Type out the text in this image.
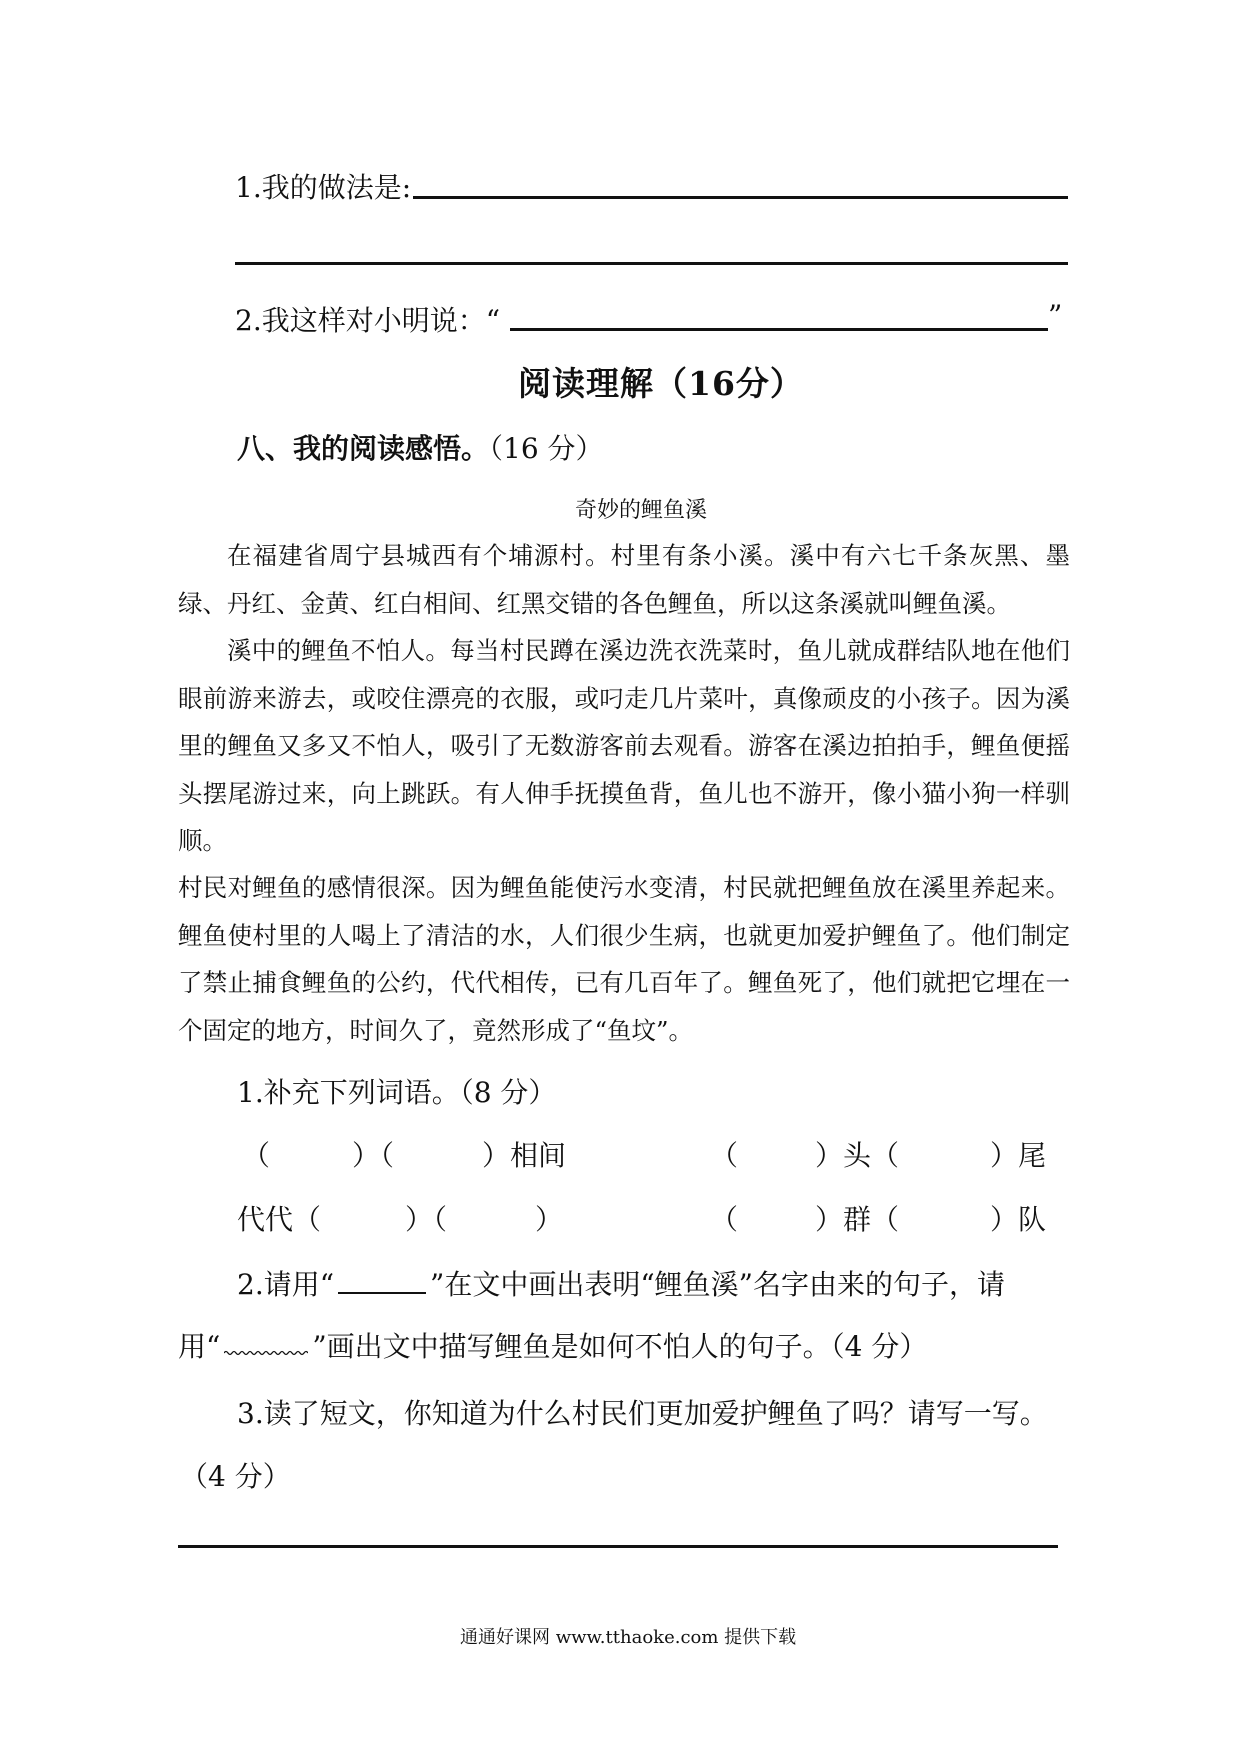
1.我的做法是:
2.我这样对小明说：“	”
阅读理解（16分）
八、我的阅读感悟。（16 分）
奇妙的鲤鱼溪
在福建省周宁县城西有个埔源村。村里有条小溪。溪中有六七千条灰黑、墨绿、丹红、金黄、红白相间、红黑交错的各色鲤鱼，所以这条溪就叫鲤鱼溪。
溪中的鲤鱼不怕人。每当村民蹲在溪边洗衣洗菜时，鱼儿就成群结队地在他们眼前游来游去，或咬住漂亮的衣服，或叼走几片菜叶，真像顽皮的小孩子。因为溪里的鲤鱼又多又不怕人，吸引了无数游客前去观看。游客在溪边拍拍手，鲤鱼便摇头摆尾游过来，向上跳跃。有人伸手抚摸鱼背，鱼儿也不游开，像小猫小狗一样驯顺。
村民对鲤鱼的感情很深。因为鲤鱼能使污水变清，村民就把鲤鱼放在溪里养起来。鲤鱼使村里的人喝上了清洁的水，人们很少生病，也就更加爱护鲤鱼了。他们制定了禁止捕食鲤鱼的公约，代代相传，已有几百年了。鲤鱼死了，他们就把它埋在一个固定的地方，时间久了，竟然形成了“鱼坟”。
1.补充下列词语。（8 分）
（	）（	）相间	（	）头（	）尾
代代（	）（	）	（	）群（	）队
2.请用“	”在文中画出表明“鲤鱼溪”名字由来的句子，请
用“	”画出文中描写鲤鱼是如何不怕人的句子。（4 分）
3.读了短文，你知道为什么村民们更加爱护鲤鱼了吗？请写一写。
（4 分）
通通好课网 www.tthaoke.com 提供下载
